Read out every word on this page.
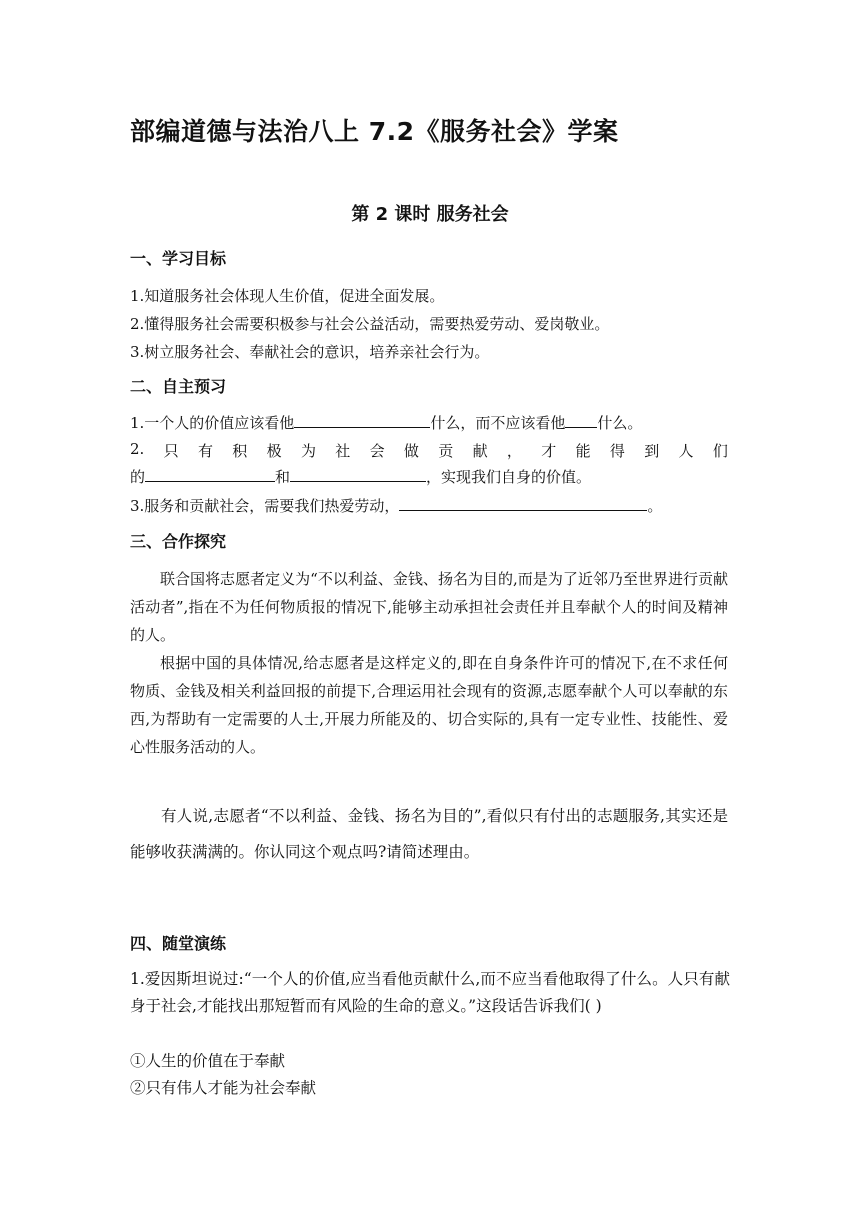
部编道德与法治八上 7.2《服务社会》学案
第 2 课时 服务社会
一、学习目标
1.知道服务社会体现人生价值，促进全面发展。
2.懂得服务社会需要积极参与社会公益活动，需要热爱劳动、爱岗敬业。
3.树立服务社会、奉献社会的意识，培养亲社会行为。
二、自主预习
1.一个人的价值应该看他	什么，而不应该看他 什么。
2. 只 有 积 极 为 社 会 做 贡 献 ， 才 能 得 到 人 们
的	和	，实现我们自身的价值。
3.服务和贡献社会，需要我们热爱劳动，	。
三、合作探究
联合国将志愿者定义为“不以利益、金钱、扬名为目的,而是为了近邻乃至世界进行贡献活动者”,指在不为任何物质报的情况下,能够主动承担社会责任并且奉献个人的时间及精神的人。
根据中国的具体情况,给志愿者是这样定义的,即在自身条件许可的情况下,在不求任何物质、金钱及相关利益回报的前提下,合理运用社会现有的资源,志愿奉献个人可以奉献的东西,为帮助有一定需要的人士,开展力所能及的、切合实际的,具有一定专业性、技能性、爱心性服务活动的人。
有人说,志愿者“不以利益、金钱、扬名为目的”,看似只有付出的志题服务,其实还是能够收获满满的。你认同这个观点吗?请简述理由。
四、随堂演练
1.爱因斯坦说过:“一个人的价值,应当看他贡献什么,而不应当看他取得了什么。人只有献身于社会,才能找出那短暂而有风险的生命的意义。”这段话告诉我们( )
①人生的价值在于奉献
②只有伟人才能为社会奉献
